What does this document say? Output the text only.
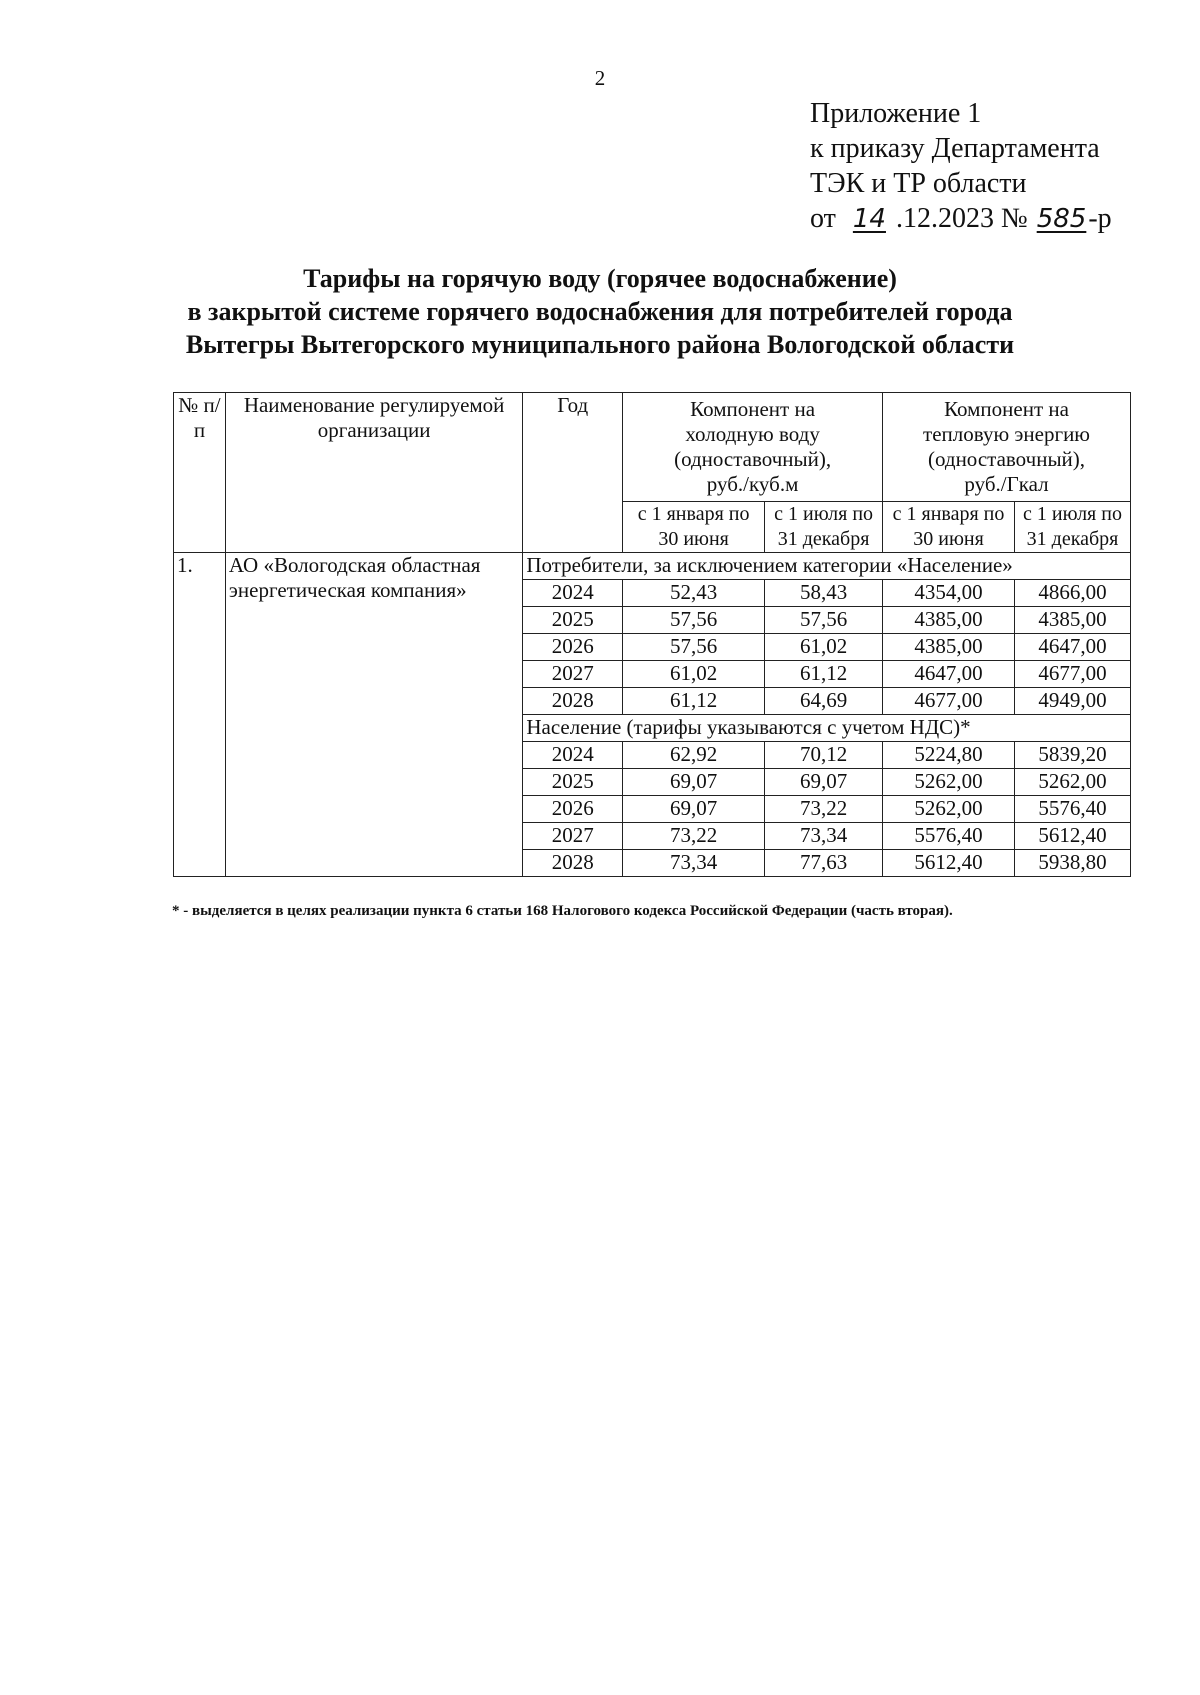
2
Приложение 1
к приказу Департамента
ТЭК и ТР области
от 14 .12.2023 № 585-р
Тарифы на горячую воду (горячее водоснабжение)
в закрытой системе горячего водоснабжения для потребителей города
Вытегры Вытегорского муниципального района Вологодской области
№ п/п	Наименование регулируемой организации	Год	Компонент на холодную воду (одноставочный), руб./куб.м		Компонент на тепловую энергию (одноставочный), руб./Гкал	
			с 1 января по 30 июня	с 1 июля по 31 декабря	с 1 января по 30 июня	с 1 июля по 31 декабря
1.	АО «Вологодская областная энергетическая компания»	Потребители, за исключением категории «Население»				
		2024	52,43	58,43	4354,00	4866,00
		2025	57,56	57,56	4385,00	4385,00
		2026	57,56	61,02	4385,00	4647,00
		2027	61,02	61,12	4647,00	4677,00
		2028	61,12	64,69	4677,00	4949,00
		Население (тарифы указываются с учетом НДС)*				
		2024	62,92	70,12	5224,80	5839,20
		2025	69,07	69,07	5262,00	5262,00
		2026	69,07	73,22	5262,00	5576,40
		2027	73,22	73,34	5576,40	5612,40
		2028	73,34	77,63	5612,40	5938,80
* - выделяется в целях реализации пункта 6 статьи 168 Налогового кодекса Российской Федерации (часть вторая).
